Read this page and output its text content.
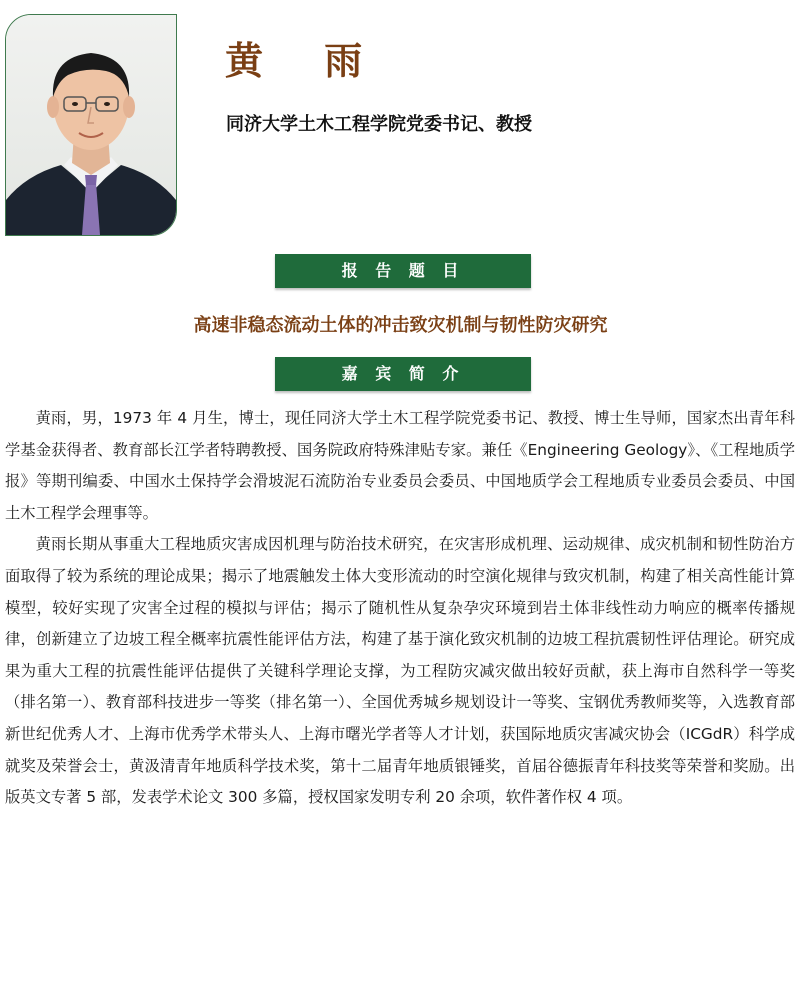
黄 雨
同济大学土木工程学院党委书记、教授
报 告 题 目
高速非稳态流动土体的冲击致灾机制与韧性防灾研究
嘉 宾 简 介

黄雨，男，1973 年 4 月生，博士，现任同济大学土木工程学院党委书记、教授、博士生导师，国家杰出青年科学基金获得者、教育部长江学者特聘教授、国务院政府特殊津贴专家。兼任《Engineering Geology》、《工程地质学报》等期刊编委、中国水土保持学会滑坡泥石流防治专业委员会委员、中国地质学会工程地质专业委员会委员、中国土木工程学会理事等。

黄雨长期从事重大工程地质灾害成因机理与防治技术研究，在灾害形成机理、运动规律、成灾机制和韧性防治方面取得了较为系统的理论成果；揭示了地震触发土体大变形流动的时空演化规律与致灾机制，构建了相关高性能计算模型，较好实现了灾害全过程的模拟与评估；揭示了随机性从复杂孕灾环境到岩土体非线性动力响应的概率传播规律，创新建立了边坡工程全概率抗震性能评估方法，构建了基于演化致灾机制的边坡工程抗震韧性评估理论。研究成果为重大工程的抗震性能评估提供了关键科学理论支撑，为工程防灾减灾做出较好贡献，获上海市自然科学一等奖（排名第一）、教育部科技进步一等奖（排名第一）、全国优秀城乡规划设计一等奖、宝钢优秀教师奖等，入选教育部新世纪优秀人才、上海市优秀学术带头人、上海市曙光学者等人才计划，获国际地质灾害减灾协会（ICGdR）科学成就奖及荣誉会士，黄汲清青年地质科学技术奖，第十二届青年地质银锤奖，首届谷德振青年科技奖等荣誉和奖励。出版英文专著 5 部，发表学术论文 300 多篇，授权国家发明专利 20 余项，软件著作权 4 项。
